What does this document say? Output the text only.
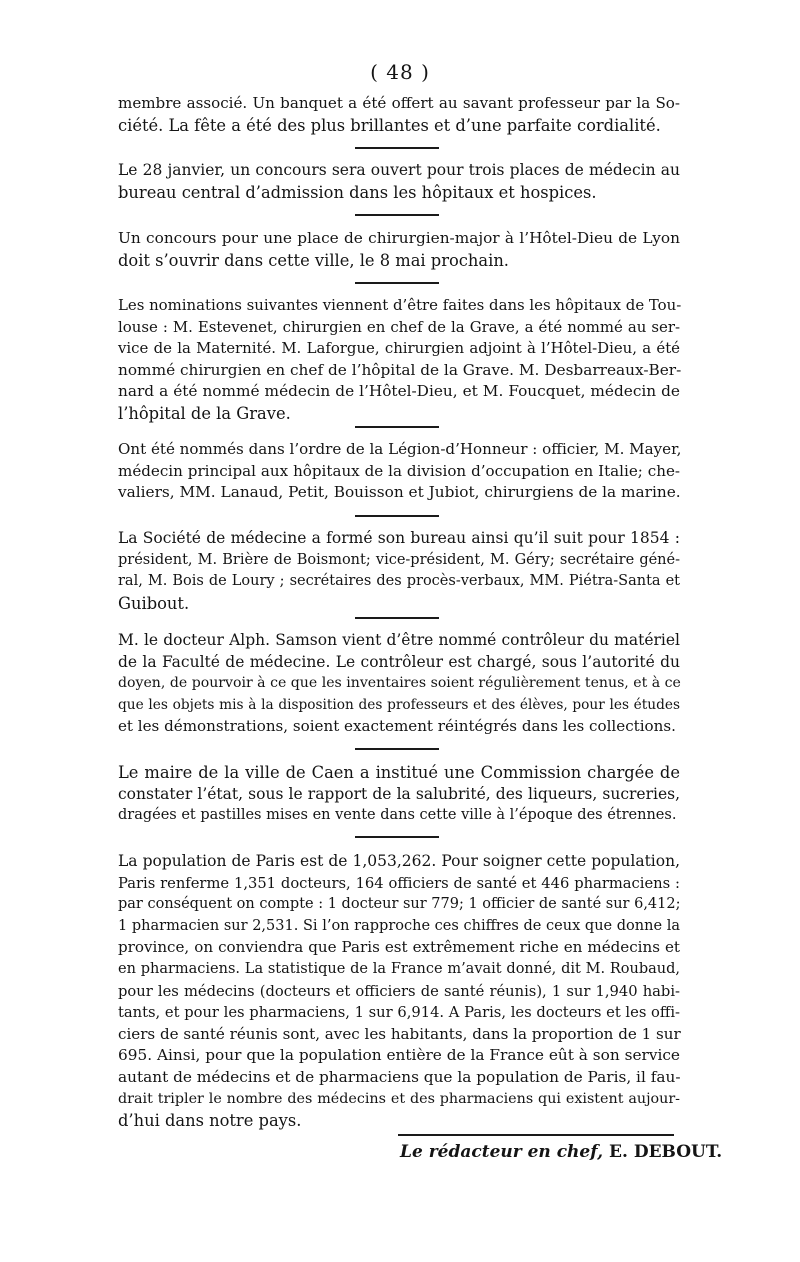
( 48 )
membre associé. Un banquet a été offert au savant professeur par la So-
ciété. La fête a été des plus brillantes et d’une parfaite cordialité.
Le 28 janvier, un concours sera ouvert pour trois places de médecin au
bureau central d’admission dans les hôpitaux et hospices.
Un concours pour une place de chirurgien-major à l’Hôtel-Dieu de Lyon
doit s’ouvrir dans cette ville, le 8 mai prochain.
Les nominations suivantes viennent d’être faites dans les hôpitaux de Tou-
louse : M. Estevenet, chirurgien en chef de la Grave, a été nommé au ser-
vice de la Maternité. M. Laforgue, chirurgien adjoint à l’Hôtel-Dieu, a été
nommé chirurgien en chef de l’hôpital de la Grave. M. Desbarreaux-Ber-
nard a été nommé médecin de l’Hôtel-Dieu, et M. Foucquet, médecin de
l’hôpital de la Grave.
Ont été nommés dans l’ordre de la Légion-d’Honneur : officier, M. Mayer,
médecin principal aux hôpitaux de la division d’occupation en Italie; che-
valiers, MM. Lanaud, Petit, Bouisson et Jubiot, chirurgiens de la marine.
La Société de médecine a formé son bureau ainsi qu’il suit pour 1854 :
président, M. Brière de Boismont; vice-président, M. Géry; secrétaire géné-
ral, M. Bois de Loury ; secrétaires des procès-verbaux, MM. Piétra-Santa et
Guibout.
M. le docteur Alph. Samson vient d’être nommé contrôleur du matériel
de la Faculté de médecine. Le contrôleur est chargé, sous l’autorité du
doyen, de pourvoir à ce que les inventaires soient régulièrement tenus, et à ce
que les objets mis à la disposition des professeurs et des élèves, pour les études
et les démonstrations, soient exactement réintégrés dans les collections.
Le maire de la ville de Caen a institué une Commission chargée de
constater l’état, sous le rapport de la salubrité, des liqueurs, sucreries,
dragées et pastilles mises en vente dans cette ville à l’époque des étrennes.
La population de Paris est de 1,053,262. Pour soigner cette population,
Paris renferme 1,351 docteurs, 164 officiers de santé et 446 pharmaciens :
par conséquent on compte : 1 docteur sur 779; 1 officier de santé sur 6,412;
1 pharmacien sur 2,531. Si l’on rapproche ces chiffres de ceux que donne la
province, on conviendra que Paris est extrêmement riche en médecins et
en pharmaciens. La statistique de la France m’avait donné, dit M. Roubaud,
pour les médecins (docteurs et officiers de santé réunis), 1 sur 1,940 habi-
tants, et pour les pharmaciens, 1 sur 6,914. A Paris, les docteurs et les offi-
ciers de santé réunis sont, avec les habitants, dans la proportion de 1 sur
695. Ainsi, pour que la population entière de la France eût à son service
autant de médecins et de pharmaciens que la population de Paris, il fau-
drait tripler le nombre des médecins et des pharmaciens qui existent aujour-
d’hui dans notre pays.
Le rédacteur en chef, E. DEBOUT.
